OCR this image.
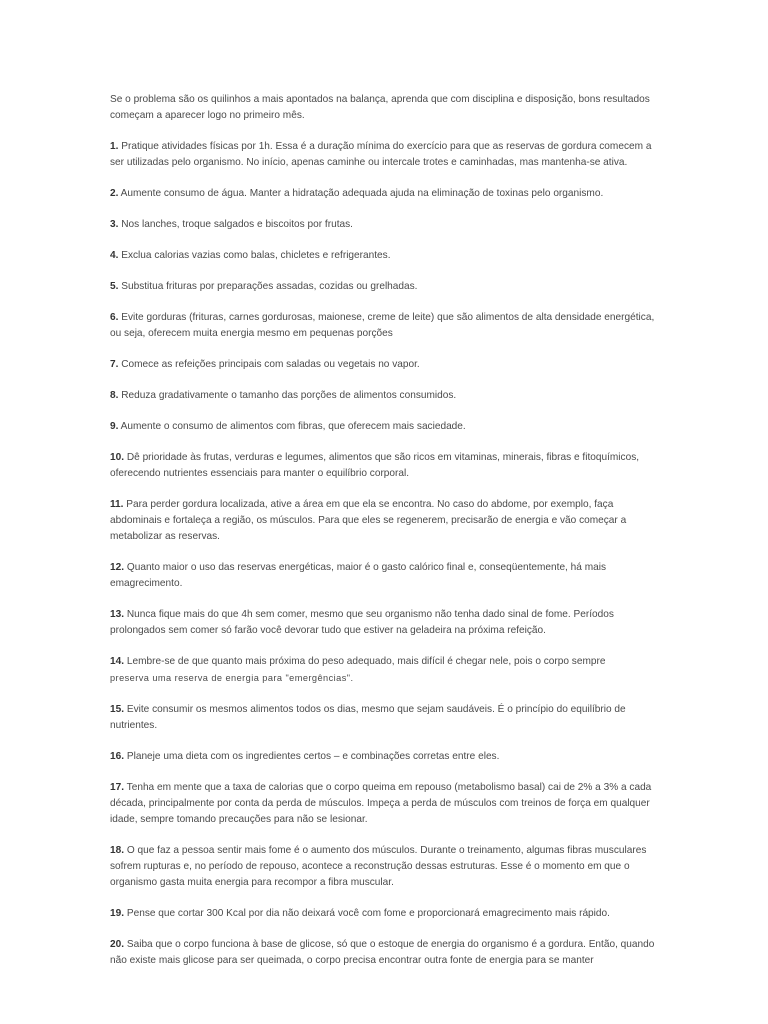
Se o problema são os quilinhos a mais apontados na balança, aprenda que com disciplina e disposição, bons resultados começam a aparecer logo no primeiro mês.

1. Pratique atividades físicas por 1h. Essa é a duração mínima do exercício para que as reservas de gordura comecem a ser utilizadas pelo organismo. No início, apenas caminhe ou intercale trotes e caminhadas, mas mantenha-se ativa.

2. Aumente consumo de água. Manter a hidratação adequada ajuda na eliminação de toxinas pelo organismo.

3. Nos lanches, troque salgados e biscoitos por frutas.

4. Exclua calorias vazias como balas, chicletes e refrigerantes.

5. Substitua frituras por preparações assadas, cozidas ou grelhadas.

6. Evite gorduras (frituras, carnes gordurosas, maionese, creme de leite) que são alimentos de alta densidade energética, ou seja, oferecem muita energia mesmo em pequenas porções

7. Comece as refeições principais com saladas ou vegetais no vapor.

8. Reduza gradativamente o tamanho das porções de alimentos consumidos.

9. Aumente o consumo de alimentos com fibras, que oferecem mais saciedade.

10. Dê prioridade às frutas, verduras e legumes, alimentos que são ricos em vitaminas, minerais, fibras e fitoquímicos, oferecendo nutrientes essenciais para manter o equilíbrio corporal.

11. Para perder gordura localizada, ative a área em que ela se encontra. No caso do abdome, por exemplo, faça abdominais e fortaleça a região, os músculos. Para que eles se regenerem, precisarão de energia e vão começar a metabolizar as reservas.

12. Quanto maior o uso das reservas energéticas, maior é o gasto calórico final e, conseqüentemente, há mais emagrecimento.

13. Nunca fique mais do que 4h sem comer, mesmo que seu organismo não tenha dado sinal de fome. Períodos prolongados sem comer só farão você devorar tudo que estiver na geladeira na próxima refeição.

14. Lembre-se de que quanto mais próxima do peso adequado, mais difícil é chegar nele, pois o corpo sempre
preserva uma reserva de energia para "emergências".

15. Evite consumir os mesmos alimentos todos os dias, mesmo que sejam saudáveis. É o princípio do equilíbrio de nutrientes.

16. Planeje uma dieta com os ingredientes certos – e combinações corretas entre eles.

17. Tenha em mente que a taxa de calorias que o corpo queima em repouso (metabolismo basal) cai de 2% a 3% a cada década, principalmente por conta da perda de músculos. Impeça a perda de músculos com treinos de força em qualquer idade, sempre tomando precauções para não se lesionar.

18. O que faz a pessoa sentir mais fome é o aumento dos músculos. Durante o treinamento, algumas fibras musculares sofrem rupturas e, no período de repouso, acontece a reconstrução dessas estruturas. Esse é o momento em que o organismo gasta muita energia para recompor a fibra muscular.

19. Pense que cortar 300 Kcal por dia não deixará você com fome e proporcionará emagrecimento mais rápido.

20. Saiba que o corpo funciona à base de glicose, só que o estoque de energia do organismo é a gordura. Então, quando não existe mais glicose para ser queimada, o corpo precisa encontrar outra fonte de energia para se manter
